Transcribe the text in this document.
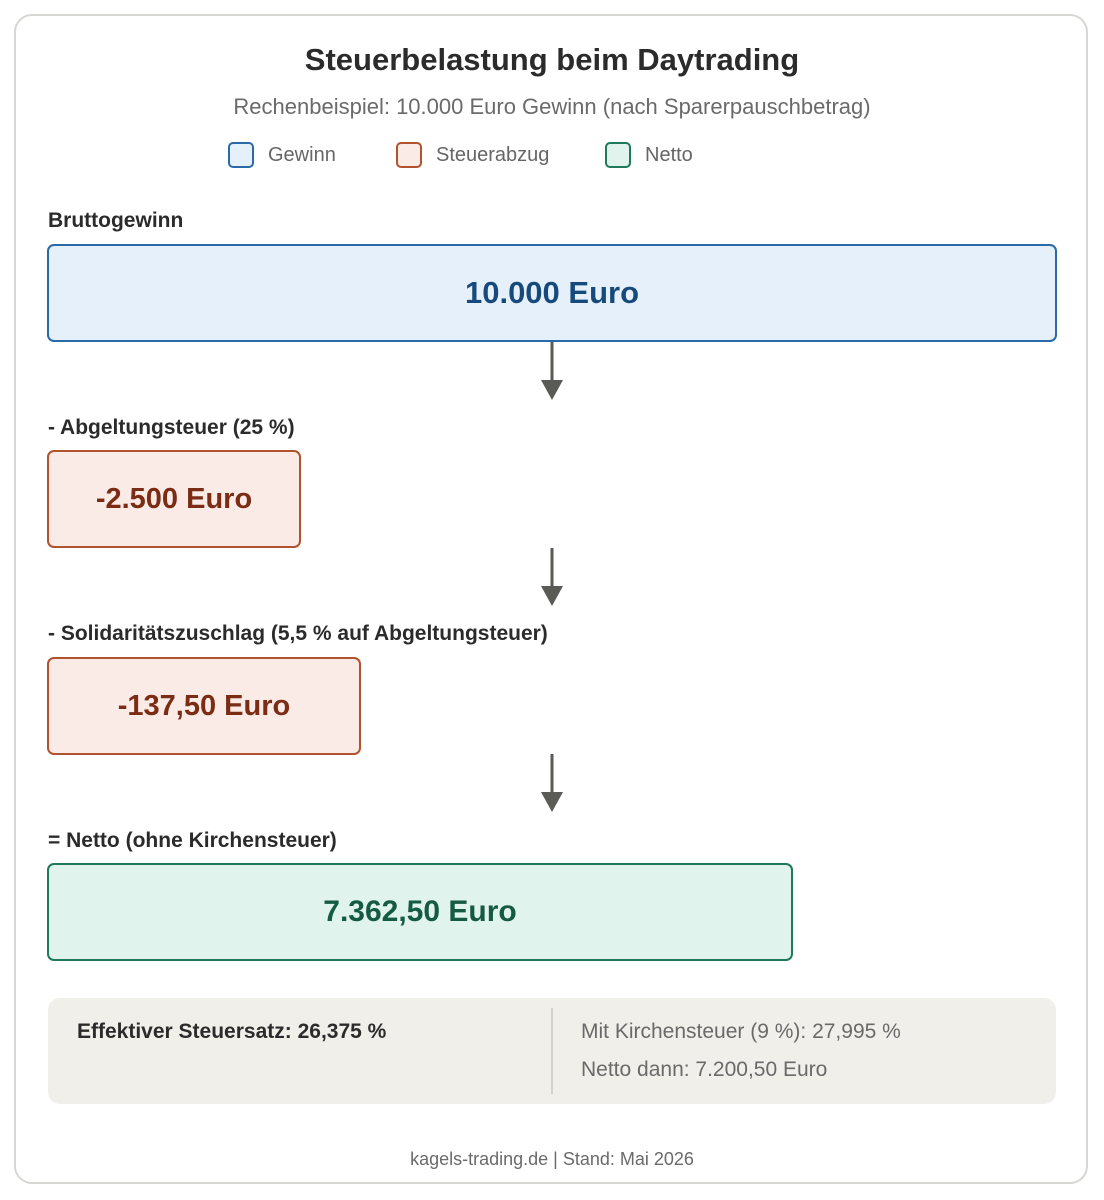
Steuerbelastung beim Daytrading
Rechenbeispiel: 10.000 Euro Gewinn (nach Sparerpauschbetrag)
Gewinn	Steuerabzug	Netto
Bruttogewinn
10.000 Euro
- Abgeltungsteuer (25 %)
-2.500 Euro
- Solidaritätszuschlag (5,5 % auf Abgeltungsteuer)
-137,50 Euro
= Netto (ohne Kirchensteuer)
7.362,50 Euro
Effektiver Steuersatz: 26,375 %	Mit Kirchensteuer (9 %): 27,995 %
Netto dann: 7.200,50 Euro
kagels-trading.de | Stand: Mai 2026
